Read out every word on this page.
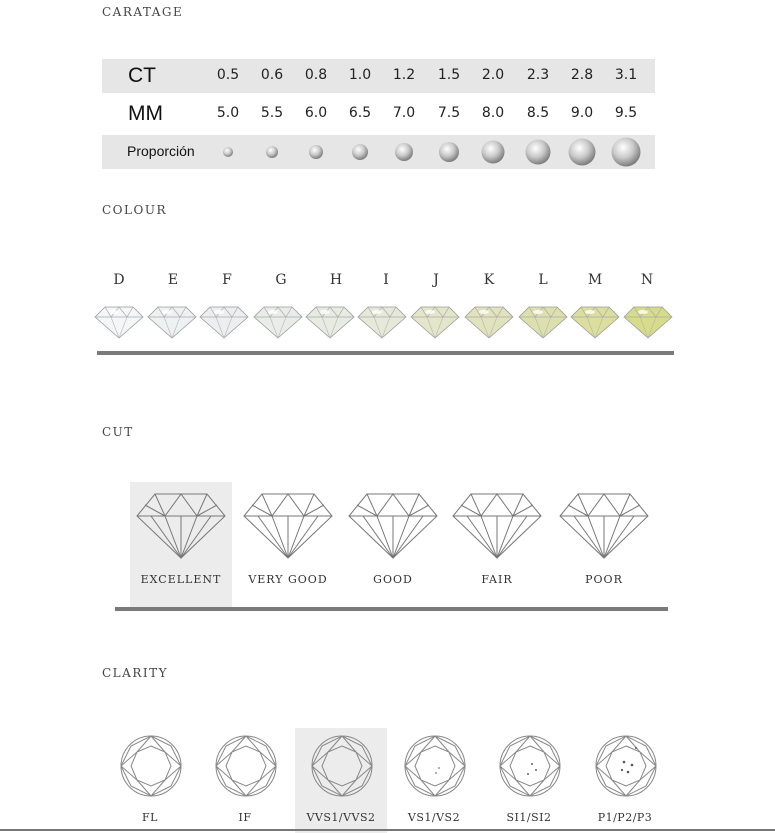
CARATAGE
CT	0.5	0.6	0.8	1.0	1.2	1.5	2.0	2.3	2.8	3.1
MM	5.0	5.5	6.0	6.5	7.0	7.5	8.0	8.5	9.0	9.5
Proporción
COLOUR
D	E	F	G	H	I	J	K	L	M	N
CUT
EXCELLENT	VERY GOOD	GOOD	FAIR	POOR
CLARITY
FL	IF	VVS1/VVS2	VS1/VS2	SI1/SI2	P1/P2/P3
